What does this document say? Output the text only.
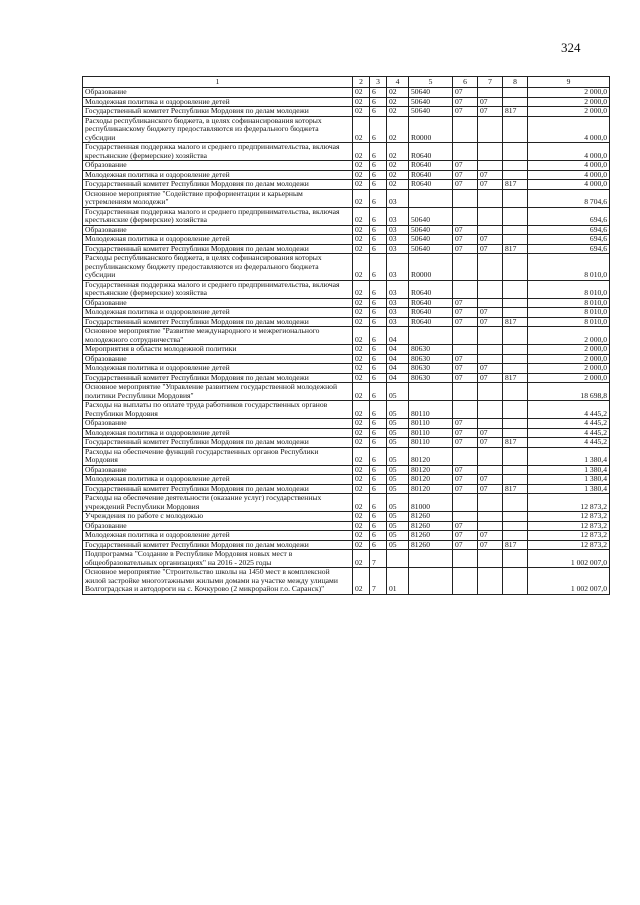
324
1	2	3	4	5	6	7	8	9
Образование	02	6	02	50640	07			2 000,0
Молодежная политика и оздоровление детей	02	6	02	50640	07	07		2 000,0
Государственный комитет Республики Мордовия по делам молодежи	02	6	02	50640	07	07	817	2 000,0
Расходы республиканского бюджета, в целях софинансирования которых республиканскому бюджету предоставляются из федерального бюджета субсидии	02	6	02	R0000				4 000,0
Государственная поддержка малого и среднего предпринимательства, включая крестьянские (фермерские) хозяйства	02	6	02	R0640				4 000,0
Образование	02	6	02	R0640	07			4 000,0
Молодежная политика и оздоровление детей	02	6	02	R0640	07	07		4 000,0
Государственный комитет Республики Мордовия по делам молодежи	02	6	02	R0640	07	07	817	4 000,0
Основное мероприятие "Содействие профориентации и карьерным устремлениям молодежи"	02	6	03					8 704,6
Государственная поддержка малого и среднего предпринимательства, включая крестьянские (фермерские) хозяйства	02	6	03	50640				694,6
Образование	02	6	03	50640	07			694,6
Молодежная политика и оздоровление детей	02	6	03	50640	07	07		694,6
Государственный комитет Республики Мордовия по делам молодежи	02	6	03	50640	07	07	817	694,6
Расходы республиканского бюджета, в целях софинансирования которых республиканскому бюджету предоставляются из федерального бюджета субсидии	02	6	03	R0000				8 010,0
Государственная поддержка малого и среднего предпринимательства, включая крестьянские (фермерские) хозяйства	02	6	03	R0640				8 010,0
Образование	02	6	03	R0640	07			8 010,0
Молодежная политика и оздоровление детей	02	6	03	R0640	07	07		8 010,0
Государственный комитет Республики Мордовия по делам молодежи	02	6	03	R0640	07	07	817	8 010,0
Основное мероприятие "Развитие международного и межрегионального молодежного сотрудничества"	02	6	04					2 000,0
Мероприятия в области молодежной политики	02	6	04	80630				2 000,0
Образование	02	6	04	80630	07			2 000,0
Молодежная политика и оздоровление детей	02	6	04	80630	07	07		2 000,0
Государственный комитет Республики Мордовия по делам молодежи	02	6	04	80630	07	07	817	2 000,0
Основное мероприятие "Управление развитием государственной молодежной политики Республики Мордовия"	02	6	05					18 698,8
Расходы на выплаты по оплате труда работников государственных органов Республики Мордовия	02	6	05	80110				4 445,2
Образование	02	6	05	80110	07			4 445,2
Молодежная политика и оздоровление детей	02	6	05	80110	07	07		4 445,2
Государственный комитет Республики Мордовия по делам молодежи	02	6	05	80110	07	07	817	4 445,2
Расходы на обеспечение функций государственных органов Республики Мордовия	02	6	05	80120				1 380,4
Образование	02	6	05	80120	07			1 380,4
Молодежная политика и оздоровление детей	02	6	05	80120	07	07		1 380,4
Государственный комитет Республики Мордовия по делам молодежи	02	6	05	80120	07	07	817	1 380,4
Расходы на обеспечение деятельности (оказание услуг) государственных учреждений Республики Мордовия	02	6	05	81000				12 873,2
Учреждения по работе с молодежью	02	6	05	81260				12 873,2
Образование	02	6	05	81260	07			12 873,2
Молодежная политика и оздоровление детей	02	6	05	81260	07	07		12 873,2
Государственный комитет Республики Мордовия по делам молодежи	02	6	05	81260	07	07	817	12 873,2
Подпрограмма "Создание в Республике Мордовия новых мест в общеобразовательных организациях" на 2016 - 2025 годы	02	7						1 002 007,0
Основное мероприятие "Строительство школы на 1450 мест в комплексной жилой застройке многоэтажными жилыми домами на участке между улицами Волгоградская и автодороги на с. Кочкурово (2 микрорайон г.о. Саранск)"	02	7	01					1 002 007,0
